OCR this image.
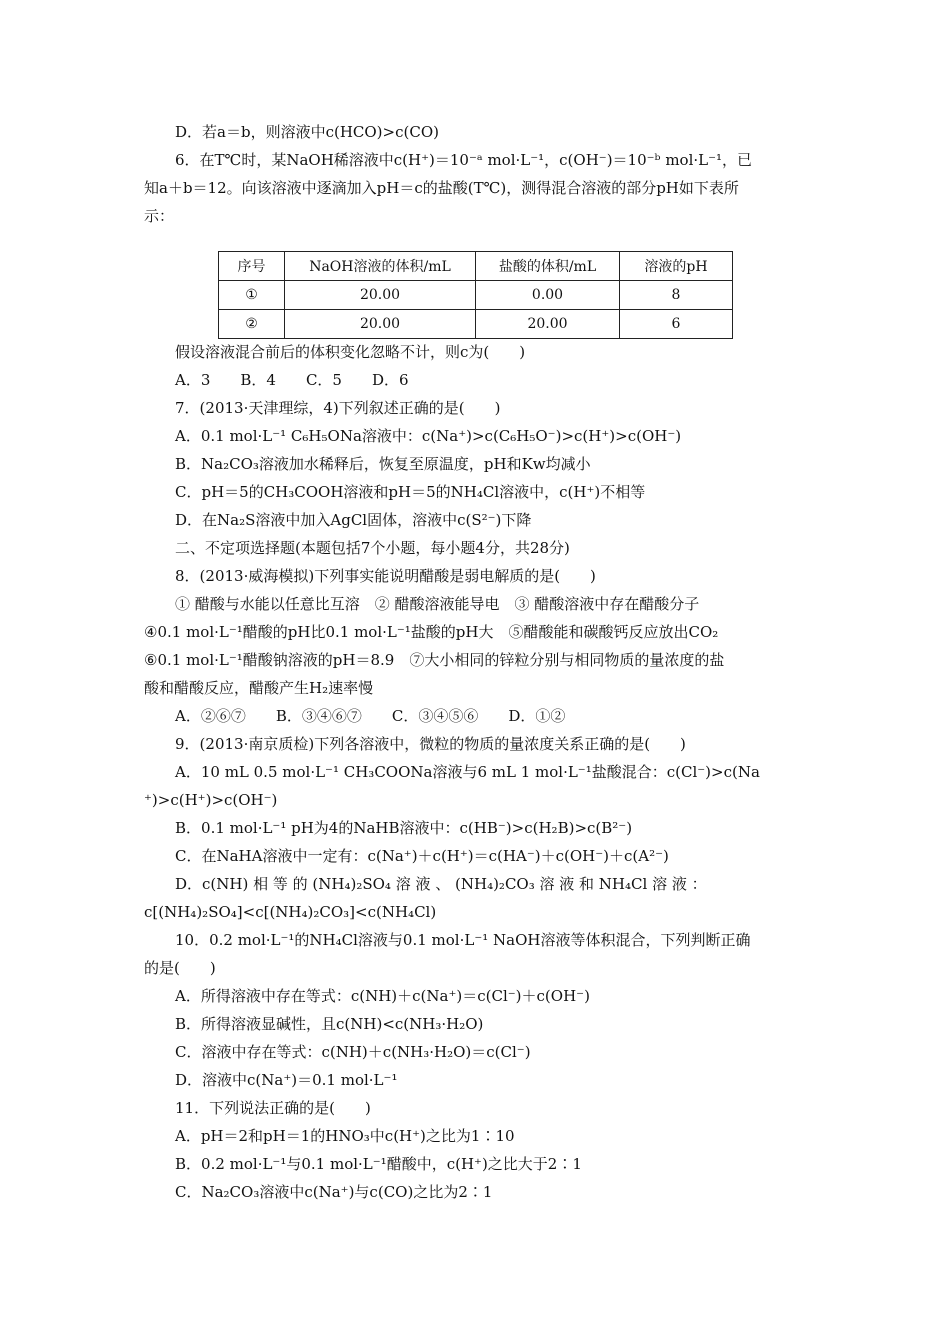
D．若a＝b，则溶液中c(HCO)>c(CO)
6．在T℃时，某NaOH稀溶液中c(H⁺)＝10⁻ᵃ mol·L⁻¹，c(OH⁻)＝10⁻ᵇ mol·L⁻¹，已
知a＋b＝12。向该溶液中逐滴加入pH＝c的盐酸(T℃)，测得混合溶液的部分pH如下表所
示：
序号	NaOH溶液的体积/mL	盐酸的体积/mL	溶液的pH
①	20.00	0.00	8
②	20.00	20.00	6
假设溶液混合前后的体积变化忽略不计，则c为(　　)
A．3　　B．4　　C．5　　D．6
7．(2013·天津理综，4)下列叙述正确的是(　　)
A．0.1 mol·L⁻¹ C₆H₅ONa溶液中：c(Na⁺)>c(C₆H₅O⁻)>c(H⁺)>c(OH⁻)
B．Na₂CO₃溶液加水稀释后，恢复至原温度，pH和Kw均减小
C．pH＝5的CH₃COOH溶液和pH＝5的NH₄Cl溶液中，c(H⁺)不相等
D．在Na₂S溶液中加入AgCl固体，溶液中c(S²⁻)下降
二、不定项选择题(本题包括7个小题，每小题4分，共28分)
8．(2013·威海模拟)下列事实能说明醋酸是弱电解质的是(　　)
① 醋酸与水能以任意比互溶　② 醋酸溶液能导电　③ 醋酸溶液中存在醋酸分子
④0.1 mol·L⁻¹醋酸的pH比0.1 mol·L⁻¹盐酸的pH大　⑤醋酸能和碳酸钙反应放出CO₂
⑥0.1 mol·L⁻¹醋酸钠溶液的pH＝8.9　⑦大小相同的锌粒分别与相同物质的量浓度的盐
酸和醋酸反应，醋酸产生H₂速率慢
A．②⑥⑦　　B．③④⑥⑦　　C．③④⑤⑥　　D．①②
9．(2013·南京质检)下列各溶液中，微粒的物质的量浓度关系正确的是(　　)
A．10 mL 0.5 mol·L⁻¹ CH₃COONa溶液与6 mL 1 mol·L⁻¹盐酸混合：c(Cl⁻)>c(Na
⁺)>c(H⁺)>c(OH⁻)
B．0.1 mol·L⁻¹ pH为4的NaHB溶液中：c(HB⁻)>c(H₂B)>c(B²⁻)
C．在NaHA溶液中一定有：c(Na⁺)＋c(H⁺)＝c(HA⁻)＋c(OH⁻)＋c(A²⁻)
D．c(NH) 相 等 的 (NH₄)₂SO₄ 溶 液 、 (NH₄)₂CO₃ 溶 液 和 NH₄Cl 溶 液 ：
c[(NH₄)₂SO₄]<c[(NH₄)₂CO₃]<c(NH₄Cl)
10．0.2 mol·L⁻¹的NH₄Cl溶液与0.1 mol·L⁻¹ NaOH溶液等体积混合，下列判断正确
的是(　　)
A．所得溶液中存在等式：c(NH)＋c(Na⁺)＝c(Cl⁻)＋c(OH⁻)
B．所得溶液显碱性，且c(NH)<c(NH₃·H₂O)
C．溶液中存在等式：c(NH)＋c(NH₃·H₂O)＝c(Cl⁻)
D．溶液中c(Na⁺)＝0.1 mol·L⁻¹
11．下列说法正确的是(　　)
A．pH＝2和pH＝1的HNO₃中c(H⁺)之比为1∶10
B．0.2 mol·L⁻¹与0.1 mol·L⁻¹醋酸中，c(H⁺)之比大于2∶1
C．Na₂CO₃溶液中c(Na⁺)与c(CO)之比为2∶1
